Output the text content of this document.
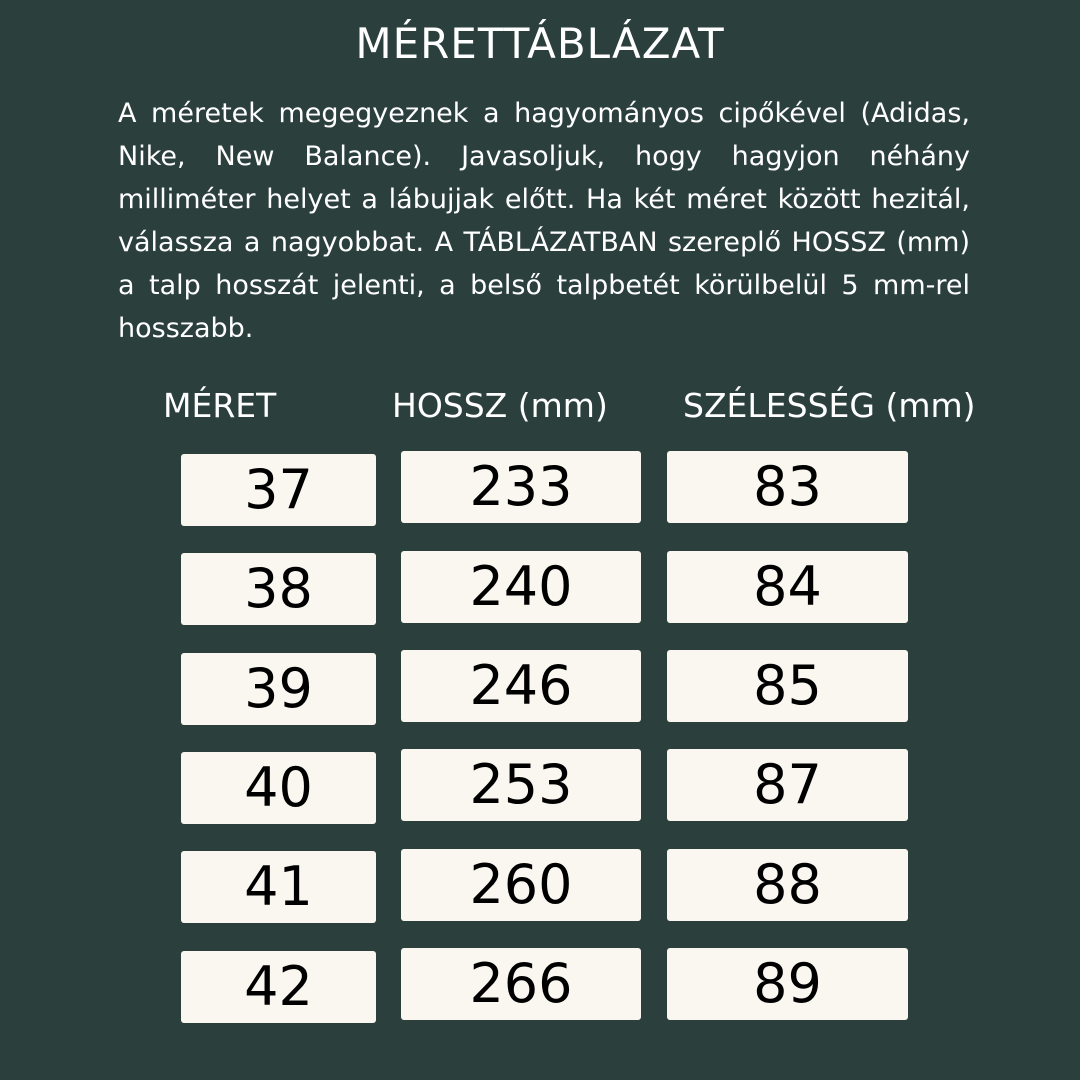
MÉRETTÁBLÁZAT
A méretek megegyeznek a hagyományos cipőkével (Adidas, Nike, New Balance). Javasoljuk, hogy hagyjon néhány milliméter helyet a lábujjak előtt. Ha két méret között hezitál, válassza a nagyobbat. A TÁBLÁZATBAN szereplő HOSSZ (mm) a talp hosszát jelenti, a belső talpbetét körülbelül 5 mm-rel hosszabb.
MÉRET	HOSSZ (mm) SZÉLESSÉG (mm)
37	233	83
38	240	84
39	246	85
40	253	87
41	260	88
42	266	89
